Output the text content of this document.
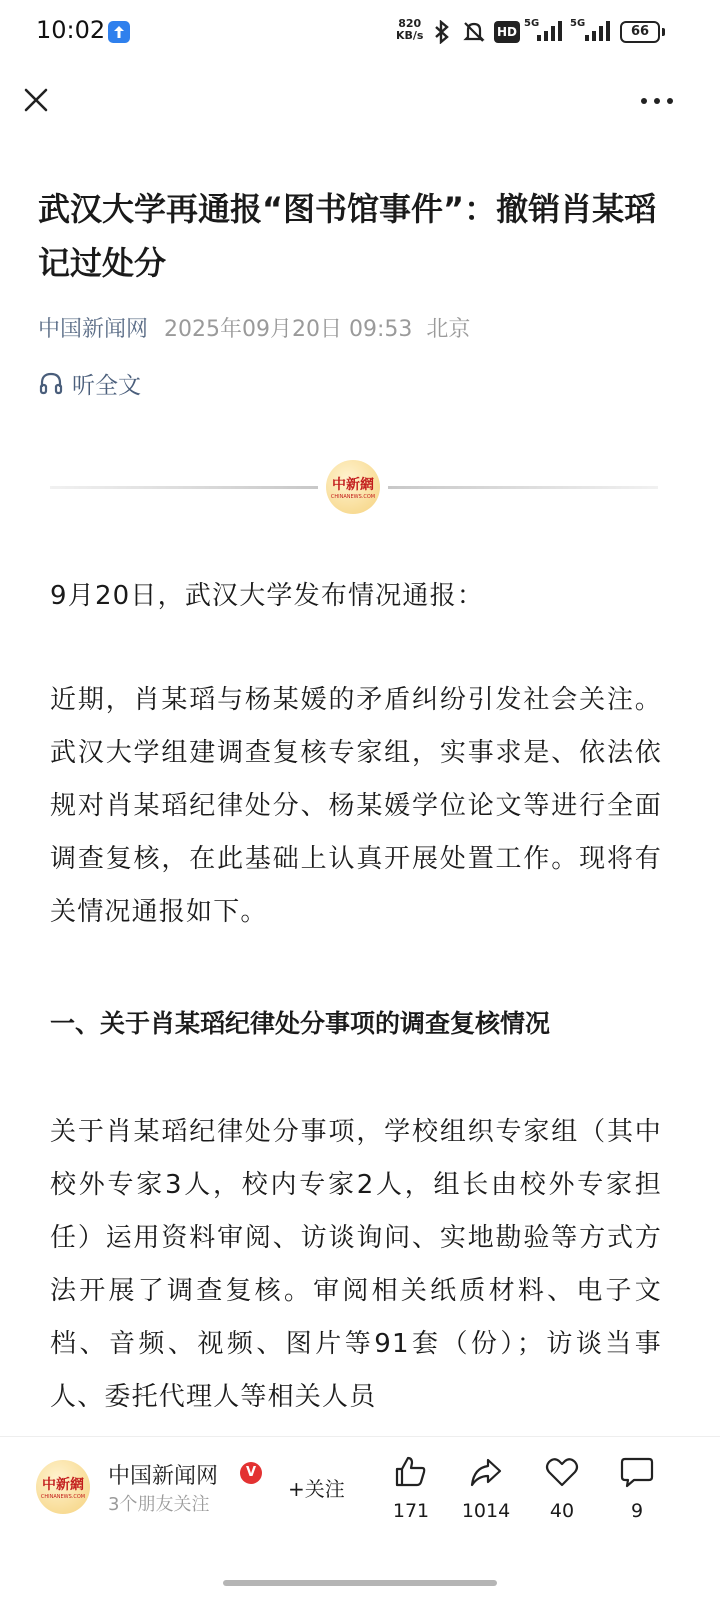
10:02	820
KB/s	HD
5G	5G
66
武汉大学再通报“图书馆事件”：撤销肖某瑫记过处分
中国新闻网 2025年09月20日 09:53 北京
听全文
中新網
CHINANEWS.COM

9月20日，武汉大学发布情况通报：

近期，肖某瑫与杨某媛的矛盾纠纷引发社会关注。武汉大学组建调查复核专家组，实事求是、依法依规对肖某瑫纪律处分、杨某媛学位论文等进行全面调查复核，在此基础上认真开展处置工作。现将有关情况通报如下。

一、关于肖某瑫纪律处分事项的调查复核情况

关于肖某瑫纪律处分事项，学校组织专家组（其中校外专家3人，校内专家2人，组长由校外专家担任）运用资料审阅、访谈询问、实地勘验等方式方法开展了调查复核。审阅相关纸质材料、电子文档、音频、视频、图片等91套（份）；访谈当事人、委托代理人等相关人员

中新網
CHINANEWS.COM
中国新闻网	V
3个朋友关注
+关注
171	1014	40	9
